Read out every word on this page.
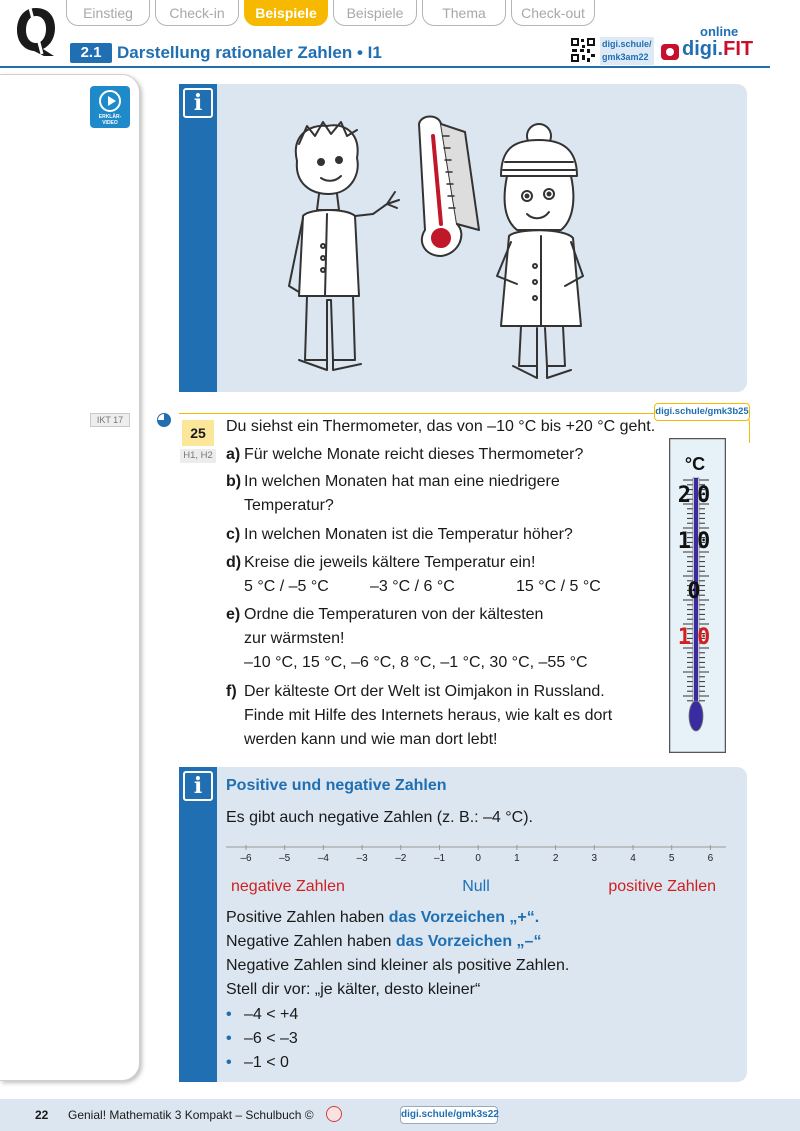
Einstieg	Check-in	Beispiele	Beispiele	Thema	Check-out
2.1 Darstellung rationaler Zahlen • I1	digi.schule/
gmk3am22
online
digi.FIT
ERKLÄR-
VIDEO
IKT 17
i
25
H1, H2
digi.schule/gmk3b25
Du siehst ein Thermometer, das von –10 °C bis +20 °C geht.
a) Für welche Monate reicht dieses Thermometer?
b) In welchen Monaten hat man eine niedrigere
Temperatur?
c) In welchen Monaten ist die Temperatur höher?
d) Kreise die jeweils kältere Temperatur ein!
5 °C / –5 °C	–3 °C / 6 °C	15 °C / 5 °C
e) Ordne die Temperaturen von der kältesten
zur wärmsten!
–10 °C, 15 °C, –6 °C, 8 °C, –1 °C, 30 °C, –55 °C
f) Der kälteste Ort der Welt ist Oimjakon in Russland.
Finde mit Hilfe des Internets heraus, wie kalt es dort
werden kann und wie man dort lebt!
°C
20
10
0
10
i	Positive und negative Zahlen
Es gibt auch negative Zahlen (z. B.: –4 °C).
–6	–5	–4	–3	–2	–1	0	1	2	3	4	5	6
negative Zahlen	Null	positive Zahlen
Positive Zahlen haben das Vorzeichen „+“.
Negative Zahlen haben das Vorzeichen „–“
Negative Zahlen sind kleiner als positive Zahlen.
Stell dir vor: „je kälter, desto kleiner“
• –4 < +4
• –6 < –3
• –1 < 0
22 Genial! Mathematik 3 Kompakt – Schulbuch ©	digi.schule/gmk3s22
